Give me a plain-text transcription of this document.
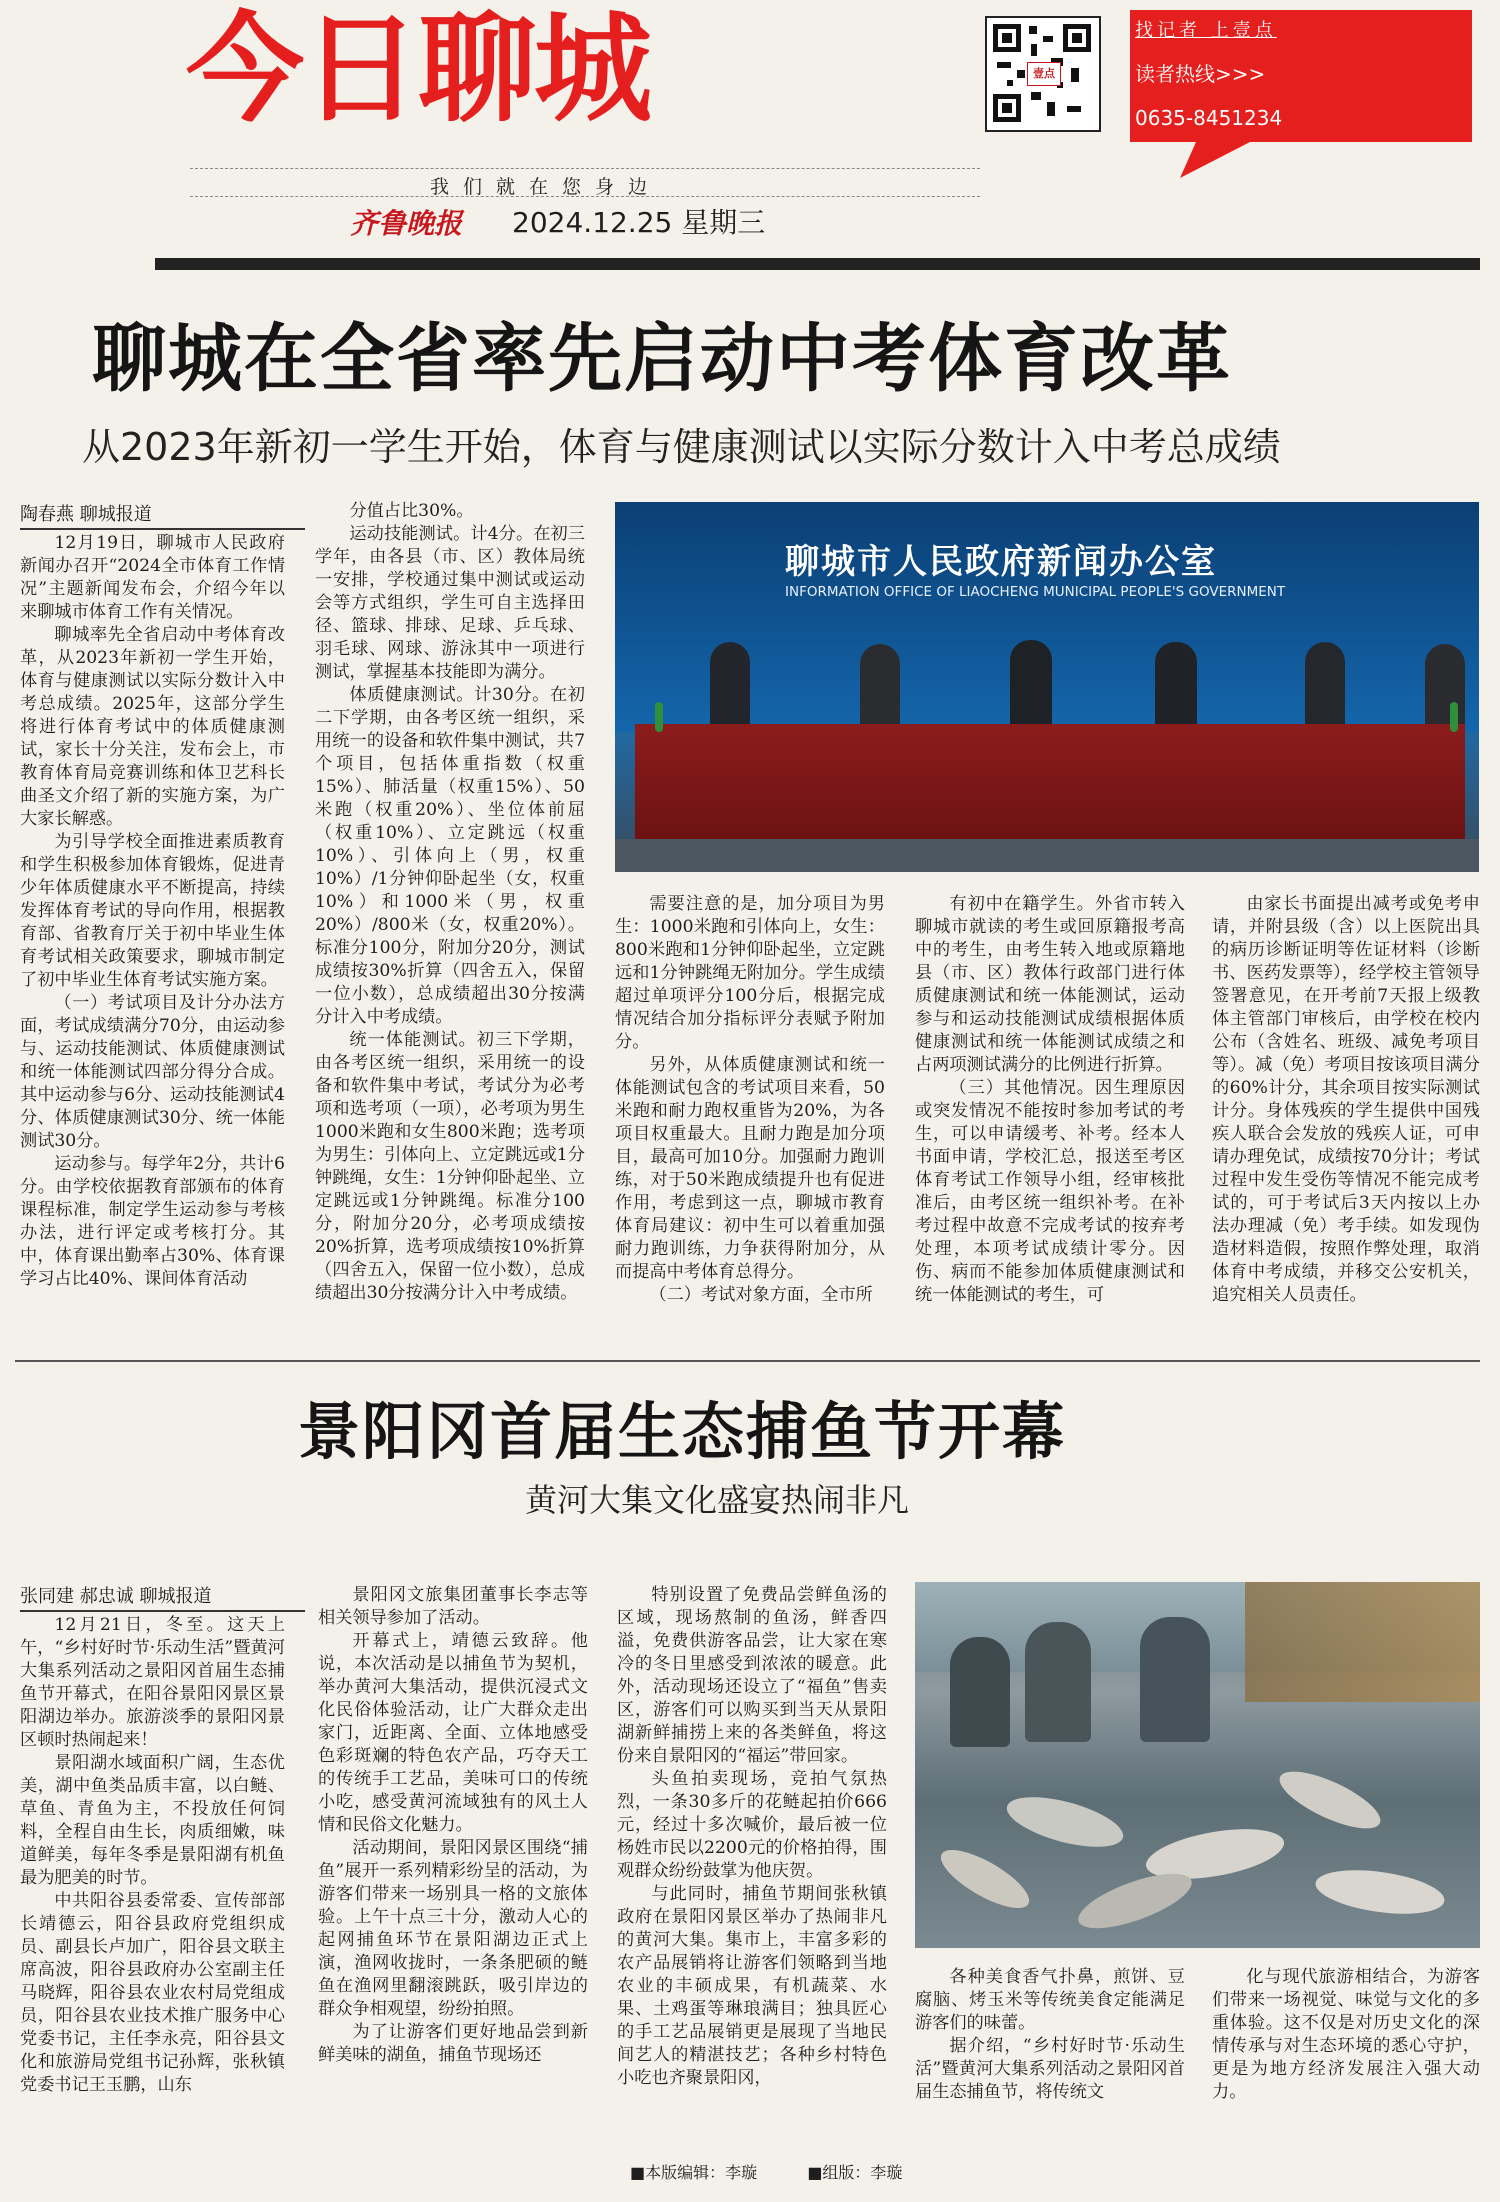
今日聊城	壹点
找记者 上壹点
读者热线>>>
0635-8451234
我们就在您身边
齐鲁晚报 2024.12.25 星期三
聊城在全省率先启动中考体育改革
从2023年新初一学生开始，体育与健康测试以实际分数计入中考总成绩
陶春燕 聊城报道

12月19日，聊城市人民政府新闻办召开“2024全市体育工作情况”主题新闻发布会，介绍今年以来聊城市体育工作有关情况。

聊城率先全省启动中考体育改革，从2023年新初一学生开始，体育与健康测试以实际分数计入中考总成绩。2025年，这部分学生将进行体育考试中的体质健康测试，家长十分关注，发布会上，市教育体育局竞赛训练和体卫艺科长曲圣文介绍了新的实施方案，为广大家长解惑。

为引导学校全面推进素质教育和学生积极参加体育锻炼，促进青少年体质健康水平不断提高，持续发挥体育考试的导向作用，根据教育部、省教育厅关于初中毕业生体育考试相关政策要求，聊城市制定了初中毕业生体育考试实施方案。

（一）考试项目及计分办法方面，考试成绩满分70分，由运动参与、运动技能测试、体质健康测试和统一体能测试四部分得分合成。其中运动参与6分、运动技能测试4分、体质健康测试30分、统一体能测试30分。

运动参与。每学年2分，共计6分。由学校依据教育部颁布的体育课程标准，制定学生运动参与考核办法，进行评定或考核打分。其中，体育课出勤率占30%、体育课学习占比40%、课间体育活动

分值占比30%。

运动技能测试。计4分。在初三学年，由各县（市、区）教体局统一安排，学校通过集中测试或运动会等方式组织，学生可自主选择田径、篮球、排球、足球、乒乓球、羽毛球、网球、游泳其中一项进行测试，掌握基本技能即为满分。

体质健康测试。计30分。在初二下学期，由各考区统一组织，采用统一的设备和软件集中测试，共7个项目，包括体重指数（权重15%）、肺活量（权重15%）、50米跑（权重20%）、坐位体前屈（权重10%）、立定跳远（权重10%）、引体向上（男，权重10%）/1分钟仰卧起坐（女，权重10%）和1000米（男，权重20%）/800米（女，权重20%）。标准分100分，附加分20分，测试成绩按30%折算（四舍五入，保留一位小数），总成绩超出30分按满分计入中考成绩。

统一体能测试。初三下学期，由各考区统一组织，采用统一的设备和软件集中考试，考试分为必考项和选考项（一项），必考项为男生1000米跑和女生800米跑；选考项为男生：引体向上、立定跳远或1分钟跳绳，女生：1分钟仰卧起坐、立定跳远或1分钟跳绳。标准分100分，附加分20分，必考项成绩按20%折算，选考项成绩按10%折算（四舍五入，保留一位小数），总成绩超出30分按满分计入中考成绩。

聊城市人民政府新闻办公室
INFORMATION OFFICE OF LIAOCHENG MUNICIPAL PEOPLE'S GOVERNMENT

需要注意的是，加分项目为男生：1000米跑和引体向上，女生：800米跑和1分钟仰卧起坐，立定跳远和1分钟跳绳无附加分。学生成绩超过单项评分100分后，根据完成情况结合加分指标评分表赋予附加分。

另外，从体质健康测试和统一体能测试包含的考试项目来看，50米跑和耐力跑权重皆为20%，为各项目权重最大。且耐力跑是加分项目，最高可加10分。加强耐力跑训练，对于50米跑成绩提升也有促进作用，考虑到这一点，聊城市教育体育局建议：初中生可以着重加强耐力跑训练，力争获得附加分，从而提高中考体育总得分。

（二）考试对象方面，全市所

有初中在籍学生。外省市转入聊城市就读的考生或回原籍报考高中的考生，由考生转入地或原籍地县（市、区）教体行政部门进行体质健康测试和统一体能测试，运动参与和运动技能测试成绩根据体质健康测试和统一体能测试成绩之和占两项测试满分的比例进行折算。

（三）其他情况。因生理原因或突发情况不能按时参加考试的考生，可以申请缓考、补考。经本人书面申请，学校汇总，报送至考区体育考试工作领导小组，经审核批准后，由考区统一组织补考。在补考过程中故意不完成考试的按弃考处理，本项考试成绩计零分。因伤、病而不能参加体质健康测试和统一体能测试的考生，可

由家长书面提出减考或免考申请，并附县级（含）以上医院出具的病历诊断证明等佐证材料（诊断书、医药发票等），经学校主管领导签署意见，在开考前7天报上级教体主管部门审核后，由学校在校内公布（含姓名、班级、减免考项目等）。减（免）考项目按该项目满分的60%计分，其余项目按实际测试计分。身体残疾的学生提供中国残疾人联合会发放的残疾人证，可申请办理免试，成绩按70分计；考试过程中发生受伤等情况不能完成考试的，可于考试后3天内按以上办法办理减（免）考手续。如发现伪造材料造假，按照作弊处理，取消体育中考成绩，并移交公安机关，追究相关人员责任。

景阳冈首届生态捕鱼节开幕
黄河大集文化盛宴热闹非凡
张同建 郝忠诚 聊城报道

12月21日，冬至。这天上午，“乡村好时节·乐动生活”暨黄河大集系列活动之景阳冈首届生态捕鱼节开幕式，在阳谷景阳冈景区景阳湖边举办。旅游淡季的景阳冈景区顿时热闹起来！

景阳湖水域面积广阔，生态优美，湖中鱼类品质丰富，以白鲢、草鱼、青鱼为主，不投放任何饲料，全程自由生长，肉质细嫩，味道鲜美，每年冬季是景阳湖有机鱼最为肥美的时节。

中共阳谷县委常委、宣传部部长靖德云，阳谷县政府党组织成员、副县长卢加广，阳谷县文联主席高波，阳谷县政府办公室副主任马晓辉，阳谷县农业农村局党组成员，阳谷县农业技术推广服务中心党委书记，主任李永亮，阳谷县文化和旅游局党组书记孙辉，张秋镇党委书记王玉鹏，山东

景阳冈文旅集团董事长李志等相关领导参加了活动。

开幕式上，靖德云致辞。他说，本次活动是以捕鱼节为契机，举办黄河大集活动，提供沉浸式文化民俗体验活动，让广大群众走出家门，近距离、全面、立体地感受色彩斑斓的特色农产品，巧夺天工的传统手工艺品，美味可口的传统小吃，感受黄河流域独有的风土人情和民俗文化魅力。

活动期间，景阳冈景区围绕“捕鱼”展开一系列精彩纷呈的活动，为游客们带来一场别具一格的文旅体验。上午十点三十分，激动人心的起网捕鱼环节在景阳湖边正式上演，渔网收拢时，一条条肥硕的鲢鱼在渔网里翻滚跳跃，吸引岸边的群众争相观望，纷纷拍照。

为了让游客们更好地品尝到新鲜美味的湖鱼，捕鱼节现场还

特别设置了免费品尝鲜鱼汤的区域，现场熬制的鱼汤，鲜香四溢，免费供游客品尝，让大家在寒冷的冬日里感受到浓浓的暖意。此外，活动现场还设立了“福鱼”售卖区，游客们可以购买到当天从景阳湖新鲜捕捞上来的各类鲜鱼，将这份来自景阳冈的“福运”带回家。

头鱼拍卖现场，竞拍气氛热烈，一条30多斤的花鲢起拍价666元，经过十多次喊价，最后被一位杨姓市民以2200元的价格拍得，围观群众纷纷鼓掌为他庆贺。

与此同时，捕鱼节期间张秋镇政府在景阳冈景区举办了热闹非凡的黄河大集。集市上，丰富多彩的农产品展销将让游客们领略到当地农业的丰硕成果，有机蔬菜、水果、土鸡蛋等琳琅满目；独具匠心的手工艺品展销更是展现了当地民间艺人的精湛技艺；各种乡村特色小吃也齐聚景阳冈，

各种美食香气扑鼻，煎饼、豆腐脑、烤玉米等传统美食定能满足游客们的味蕾。

据介绍，“乡村好时节·乐动生活”暨黄河大集系列活动之景阳冈首届生态捕鱼节，将传统文

化与现代旅游相结合，为游客们带来一场视觉、味觉与文化的多重体验。这不仅是对历史文化的深情传承与对生态环境的悉心守护，更是为地方经济发展注入强大动力。

■本版编辑：李璇	■组版：李璇
